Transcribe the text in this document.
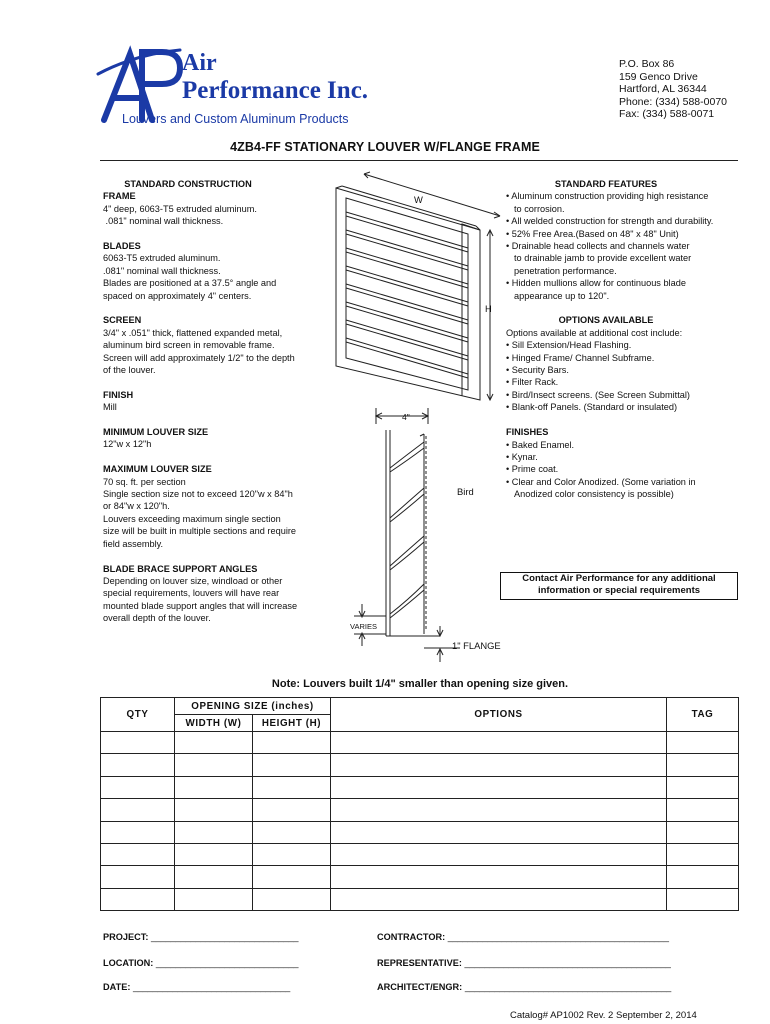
Air
Performance Inc.
Louvers and Custom Aluminum Products
P.O. Box 86
159 Genco Drive
Hartford, AL 36344
Phone: (334) 588-0070
Fax: (334) 588-0071
4ZB4-FF STATIONARY LOUVER W/FLANGE FRAME
STANDARD CONSTRUCTION
FRAME
4" deep, 6063-T5 extruded aluminum.
.081" nominal wall thickness.
BLADES
6063-T5 extruded aluminum.
.081" nominal wall thickness.
Blades are positioned at a 37.5° angle and
spaced on approximately 4" centers.
SCREEN
3/4" x .051" thick, flattened expanded metal,
aluminum bird screen in removable frame.
Screen will add approximately 1/2" to the depth
of the louver.
FINISH
Mill
MINIMUM LOUVER SIZE
12"w x 12"h
MAXIMUM LOUVER SIZE
70 sq. ft. per section
Single section size not to exceed 120"w x 84"h
or 84"w x 120"h.
Louvers exceeding maximum single section
size will be built in multiple sections and require
field assembly.
BLADE BRACE SUPPORT ANGLES
Depending on louver size, windload or other
special requirements, louvers will have rear
mounted blade support angles that will increase
overall depth of the louver.
STANDARD FEATURES
• Aluminum construction providing high resistance
to corrosion.
• All welded construction for strength and durability.
• 52% Free Area.(Based on 48" x 48" Unit)
• Drainable head collects and channels water
to drainable jamb to provide excellent water
penetration performance.
• Hidden mullions allow for continuous blade
appearance up to 120".
OPTIONS AVAILABLE
Options available at additional cost include:
• Sill Extension/Head Flashing.
• Hinged Frame/ Channel Subframe.
• Security Bars.
• Filter Rack.
• Bird/Insect screens. (See Screen Submittal)
• Blank-off Panels. (Standard or insulated)
FINISHES
• Baked Enamel.
• Kynar.
• Prime coat.
• Clear and Color Anodized. (Some variation in
Anodized color consistency is possible)
W
H
4"
Bird
VARIES
1" FLANGE
Contact Air Performance for any additional
information or special requirements
Note: Louvers built 1/4" smaller than opening size given.
QTY	OPENING SIZE (inches)		OPTIONS	TAG
	WIDTH (W)	HEIGHT (H)		

PROJECT: ______________________________
LOCATION: _____________________________
DATE: ________________________________
CONTRACTOR: _____________________________________________
REPRESENTATIVE: __________________________________________
ARCHITECT/ENGR: __________________________________________
Catalog# AP1002 Rev. 2 September 2, 2014
